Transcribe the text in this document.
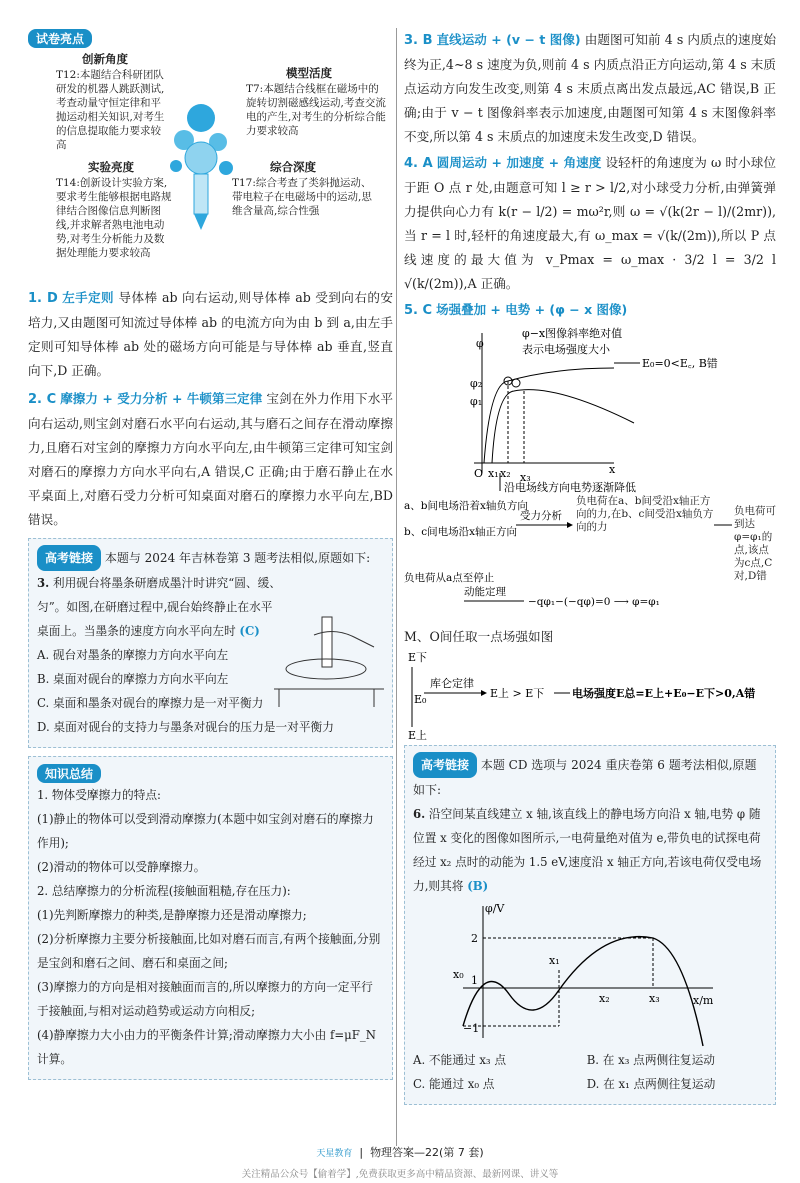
试卷亮点
创新角度
T12:本题结合科研团队研发的机器人跳跃测试,考查动量守恒定律和平抛运动相关知识,对考生的信息提取能力要求较高
模型活度
T7:本题结合线框在磁场中的旋转切割磁感线运动,考查交流电的产生,对考生的分析综合能力要求较高
实验亮度
T14:创新设计实验方案,要求考生能够根据电路规律结合图像信息判断图线,并求解者熟电池电动势,对考生分析能力及数据处理能力要求较高
综合深度
T17:综合考查了类斜抛运动、带电粒子在电磁场中的运动,思维含量高,综合性强

1. D 左手定则 导体棒 ab 向右运动,则导体棒 ab 受到向右的安培力,又由题图可知流过导体棒 ab 的电流方向为由 b 到 a,由左手定则可知导体棒 ab 处的磁场方向可能是与导体棒 ab 垂直,竖直向下,D 正确。

2. C 摩擦力 + 受力分析 + 牛顿第三定律 宝剑在外力作用下水平向右运动,则宝剑对磨石水平向右运动,其与磨石之间存在滑动摩擦力,且磨石对宝剑的摩擦力方向水平向左,由牛顿第三定律可知宝剑对磨石的摩擦力方向水平向右,A 错误,C 正确;由于磨石静止在水平桌面上,对磨石受力分析可知桌面对磨石的摩擦力水平向左,BD 错误。

高考链接 本题与 2024 年吉林卷第 3 题考法相似,原题如下:

3. 利用砚台将墨条研磨成墨汁时讲究“圆、缓、匀”。如图,在研磨过程中,砚台始终静止在水平桌面上。当墨条的速度方向水平向左时 (C)

A. 砚台对墨条的摩擦力方向水平向左

B. 桌面对砚台的摩擦力方向水平向左

C. 桌面和墨条对砚台的摩擦力是一对平衡力

D. 桌面对砚台的支持力与墨条对砚台的压力是一对平衡力

知识总结

1. 物体受摩擦力的特点:

(1)静止的物体可以受到滑动摩擦力(本题中如宝剑对磨石的摩擦力作用);

(2)滑动的物体可以受静摩擦力。

2. 总结摩擦力的分析流程(接触面粗糙,存在压力):

(1)先判断摩擦力的种类,是静摩擦力还是滑动摩擦力;

(2)分析摩擦力主要分析接触面,比如对磨石而言,有两个接触面,分别是宝剑和磨石之间、磨石和桌面之间;

(3)摩擦力的方向是相对接触面而言的,所以摩擦力的方向一定平行于接触面,与相对运动趋势或运动方向相反;

(4)静摩擦力大小由力的平衡条件计算;滑动摩擦力大小由 f=μF_N 计算。

3. B 直线运动 + (v − t 图像) 由题图可知前 4 s 内质点的速度始终为正,4~8 s 速度为负,则前 4 s 内质点沿正方向运动,第 4 s 末质点运动方向发生改变,则第 4 s 末质点离出发点最远,AC 错误,B 正确;由于 v − t 图像斜率表示加速度,由题图可知第 4 s 末图像斜率不变,所以第 4 s 末质点的加速度未发生改变,D 错误。

4. A 圆周运动 + 加速度 + 角速度 设轻杆的角速度为 ω 时小球位于距 O 点 r 处,由题意可知 l ≥ r > l/2,对小球受力分析,由弹簧弹力提供向心力有 k(r − l/2) = mω²r,则 ω = √(k(2r − l)/(2mr)),当 r = l 时,轻杆的角速度最大,有 ω_max = √(k/(2m)),所以 P 点线速度的最大值为 v_Pmax = ω_max · 3/2 l = 3/2 l √(k/(2m)),A 正确。

5. C 场强叠加 + 电势 + (φ − x 图像)

φ−x图像斜率绝对值
表示电场强度大小
φ
φ₂
φ₁
O x₁ x₂ x₃
x
E₀=0<E꜀, B错
沿电场线方向电势逐渐降低
a、b间电场沿着x轴负方向
b、c间电场沿x轴正方向
受力分析
负电荷在a、b间受沿x轴正方向的力,在b、c间受沿x轴负方向的力
负电荷可到达φ=φ₁的点,该点为c点,C对,D错
负电荷从a点至停止
动能定理
−qφ₁−(−qφ)=0 ⟶ φ=φ₁

M、O间任取一点场强如图

E下
E₀
E上
库仑定律
E上 > E下	电场强度E总=E上+E₀−E下>0,A错

高考链接 本题 CD 选项与 2024 重庆卷第 6 题考法相似,原题如下:

6. 沿空间某直线建立 x 轴,该直线上的静电场方向沿 x 轴,电势 φ 随位置 x 变化的图像如图所示,一电荷量绝对值为 e,带负电的试探电荷经过 x₂ 点时的动能为 1.5 eV,速度沿 x 轴正方向,若该电荷仅受电场力,则其将 (B)

φ/V
x/m
2
1
−1
x₀
x₁
x₂	x₃

A. 不能通过 x₃ 点	B. 在 x₃ 点两侧往复运动

C. 能通过 x₀ 点	D. 在 x₁ 点两侧往复运动

天星教育  |  物理答案—22(第 7 套)
关注精品公众号【偷着学】,免费获取更多高中精品资源、最新网课、讲义等
